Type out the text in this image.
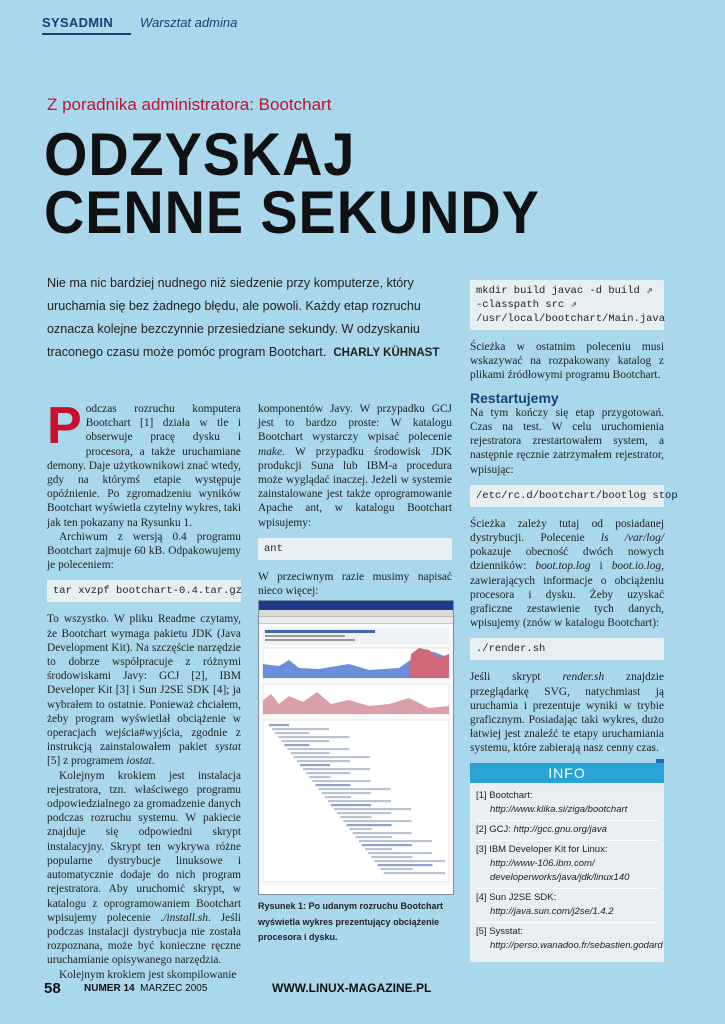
SYSADMIN Warsztat admina
Z poradnika administratora: Bootchart
ODZYSKAJ
CENNE SEKUNDY
Nie ma nic bardziej nudnego niż siedzenie przy komputerze, który uruchamia się bez żadnego błędu, ale powoli. Każdy etap rozruchu oznacza kolejne bezczynnie przesiedziane sekundy. W odzyskaniu traconego czasu może pomóc program Bootchart. CHARLY KÜHNAST

Podczas rozruchu komputera Bootchart [1] działa w tle i obserwuje pracę dysku i procesora, a także uruchamiane demony. Daje użytkownikowi znać wtedy, gdy na którymś etapie występuje opóźnienie. Po zgromadzeniu wyników Bootchart wyświetla czytelny wykres, taki jak ten pokazany na Rysunku 1.

Archiwum z wersją 0.4 programu Bootchart zajmuje 60 kB. Odpakowujemy je poleceniem:

tar xvzpf bootchart-0.4.tar.gz

To wszystko. W pliku Readme czytamy, że Bootchart wymaga pakietu JDK (Java Development Kit). Na szczęście narzędzie to dobrze współpracuje z różnymi środowiskami Javy: GCJ [2], IBM Developer Kit [3] i Sun J2SE SDK [4]; ja wybrałem to ostatnie. Ponieważ chciałem, żeby program wyświetlał obciążenie w operacjach wejścia#wyjścia, zgodnie z instrukcją zainstalowałem pakiet systat [5] z programem iostat.

Kolejnym krokiem jest instalacja rejestratora, tzn. właściwego programu odpowiedzialnego za gromadzenie danych podczas rozruchu systemu. W pakiecie znajduje się odpowiedni skrypt instalacyjny. Skrypt ten wykrywa różne popularne dystrybucje linuksowe i automatycznie dodaje do nich program rejestratora. Aby uruchomić skrypt, w katalogu z oprogramowaniem Bootchart wpisujemy polecenie ./install.sh. Jeśli podczas instalacji dystrybucja nie została rozpoznana, może być konieczne ręczne uruchamianie opisywanego narzędzia.

Kolejnym krokiem jest skompilowanie

komponentów Javy. W przypadku GCJ jest to bardzo proste: W katalogu Bootchart wystarczy wpisać polecenie make. W przypadku środowisk JDK produkcji Suna lub IBM-a procedura może wyglądać inaczej. Jeżeli w systemie zainstalowane jest także oprogramowanie Apache ant, w katalogu Bootchart wpisujemy:

ant

W przeciwnym razie musimy napisać nieco więcej:

Rysunek 1: Po udanym rozruchu Bootchart wyświetla wykres prezentujący obciążenie procesora i dysku.
mkdir build javac -d build ⇗
-classpath src ⇗
/usr/local/bootchart/Main.java

Ścieżka w ostatnim poleceniu musi wskazywać na rozpakowany katalog z plikami źródłowymi programu Bootchart.

Restartujemy

Na tym kończy się etap przygotowań. Czas na test. W celu uruchomienia rejestratora zrestartowałem system, a następnie ręcznie zatrzymałem rejestrator, wpisując:

/etc/rc.d/bootchart/bootlog stop

Ścieżka zależy tutaj od posiadanej dystrybucji. Polecenie ls /var/log/ pokazuje obecność dwóch nowych dzienników: boot.top.log i boot.io.log, zawierających informacje o obciążeniu procesora i dysku. Żeby uzyskać graficzne zestawienie tych danych, wpisujemy (znów w katalogu Bootchart):

./render.sh

Jeśli skrypt render.sh znajdzie przeglądarkę SVG, natychmiast ją uruchamia i prezentuje wyniki w trybie graficznym. Posiadając taki wykres, dużo łatwiej jest znaleźć te etapy uruchamiania systemu, które zabierają nasz cenny czas.

INFO
[1] Bootchart:
http://www.klika.si/ziga/bootchart
[2] GCJ: http://gcc.gnu.org/java
[3] IBM Developer Kit for Linux:
http://www-106.ibm.com/ developerworks/java/jdk/linux140
[4] Sun J2SE SDK:
http://java.sun.com/j2se/1.4.2
[5] Sysstat:
http://perso.wanadoo.fr/sebastien.godard
58 NUMER 14 MARZEC 2005	WWW.LINUX-MAGAZINE.PL
